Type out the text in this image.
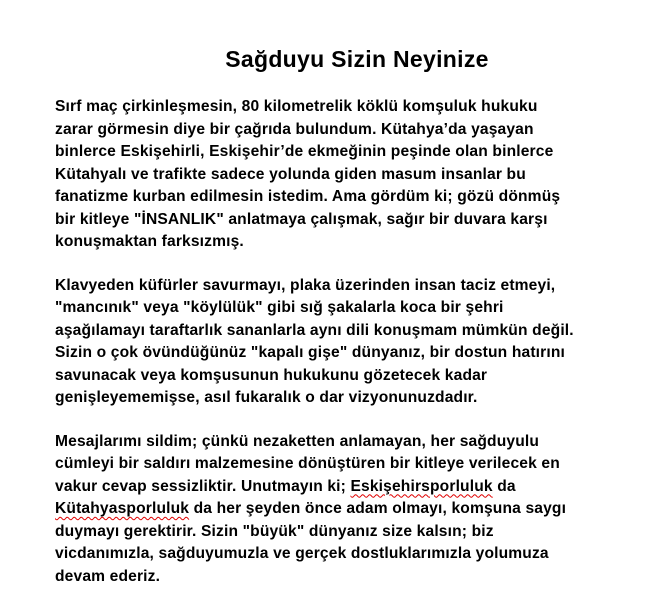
Sağduyu Sizin Neyinize

Sırf maç çirkinleşmesin, 80 kilometrelik köklü komşuluk hukuku
zarar görmesin diye bir çağrıda bulundum. Kütahya’da yaşayan
binlerce Eskişehirli, Eskişehir’de ekmeğinin peşinde olan binlerce
Kütahyalı ve trafikte sadece yolunda giden masum insanlar bu
fanatizme kurban edilmesin istedim. Ama gördüm ki; gözü dönmüş
bir kitleye "İNSANLIK" anlatmaya çalışmak, sağır bir duvara karşı
konuşmaktan farksızmış.

Klavyeden küfürler savurmayı, plaka üzerinden insan taciz etmeyi,
"mancınık" veya "köylülük" gibi sığ şakalarla koca bir şehri
aşağılamayı taraftarlık sananlarla aynı dili konuşmam mümkün değil.
Sizin o çok övündüğünüz "kapalı gişe" dünyanız, bir dostun hatırını
savunacak veya komşusunun hukukunu gözetecek kadar
genişleyememişse, asıl fukaralık o dar vizyonunuzdadır.

Mesajlarımı sildim; çünkü nezaketten anlamayan, her sağduyulu
cümleyi bir saldırı malzemesine dönüştüren bir kitleye verilecek en
vakur cevap sessizliktir. Unutmayın ki; Eskişehirsporluluk da
Kütahyasporluluk da her şeyden önce adam olmayı, komşuna saygı
duymayı gerektirir. Sizin "büyük" dünyanız size kalsın; biz
vicdanımızla, sağduyumuzla ve gerçek dostluklarımızla yolumuza
devam ederiz.
